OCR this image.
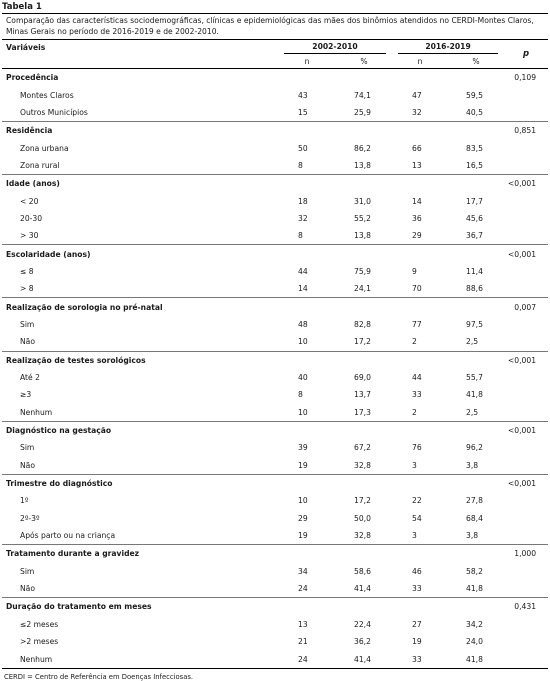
Tabela 1
Comparação das características sociodemográficas, clínicas e epidemiológicas das mães dos binômios atendidos no CERDI-Montes Claros, Minas Gerais no período de 2016-2019 e de 2002-2010.
Variáveis	2002-2010		2016-2019		p
	n	%	n	%	
Procedência					0,109
Montes Claros	43	74,1	47	59,5	
Outros Municípios	15	25,9	32	40,5	
Residência					0,851
Zona urbana	50	86,2	66	83,5	
Zona rural	8	13,8	13	16,5	
Idade (anos)					<0,001
< 20	18	31,0	14	17,7	
20-30	32	55,2	36	45,6	
> 30	8	13,8	29	36,7	
Escolaridade (anos)					<0,001
≤ 8	44	75,9	9	11,4	
> 8	14	24,1	70	88,6	
Realização de sorologia no pré-natal					0,007
Sim	48	82,8	77	97,5	
Não	10	17,2	2	2,5	
Realização de testes sorológicos					<0,001
Até 2	40	69,0	44	55,7	
≥3	8	13,7	33	41,8	
Nenhum	10	17,3	2	2,5	
Diagnóstico na gestação					<0,001
Sim	39	67,2	76	96,2	
Não	19	32,8	3	3,8	
Trimestre do diagnóstico					<0,001
1º	10	17,2	22	27,8	
2º-3º	29	50,0	54	68,4	
Após parto ou na criança	19	32,8	3	3,8	
Tratamento durante a gravidez					1,000
Sim	34	58,6	46	58,2	
Não	24	41,4	33	41,8	
Duração do tratamento em meses					0,431
≤2 meses	13	22,4	27	34,2	
>2 meses	21	36,2	19	24,0	
Nenhum	24	41,4	33	41,8	
CERDI = Centro de Referência em Doenças Infecciosas.
